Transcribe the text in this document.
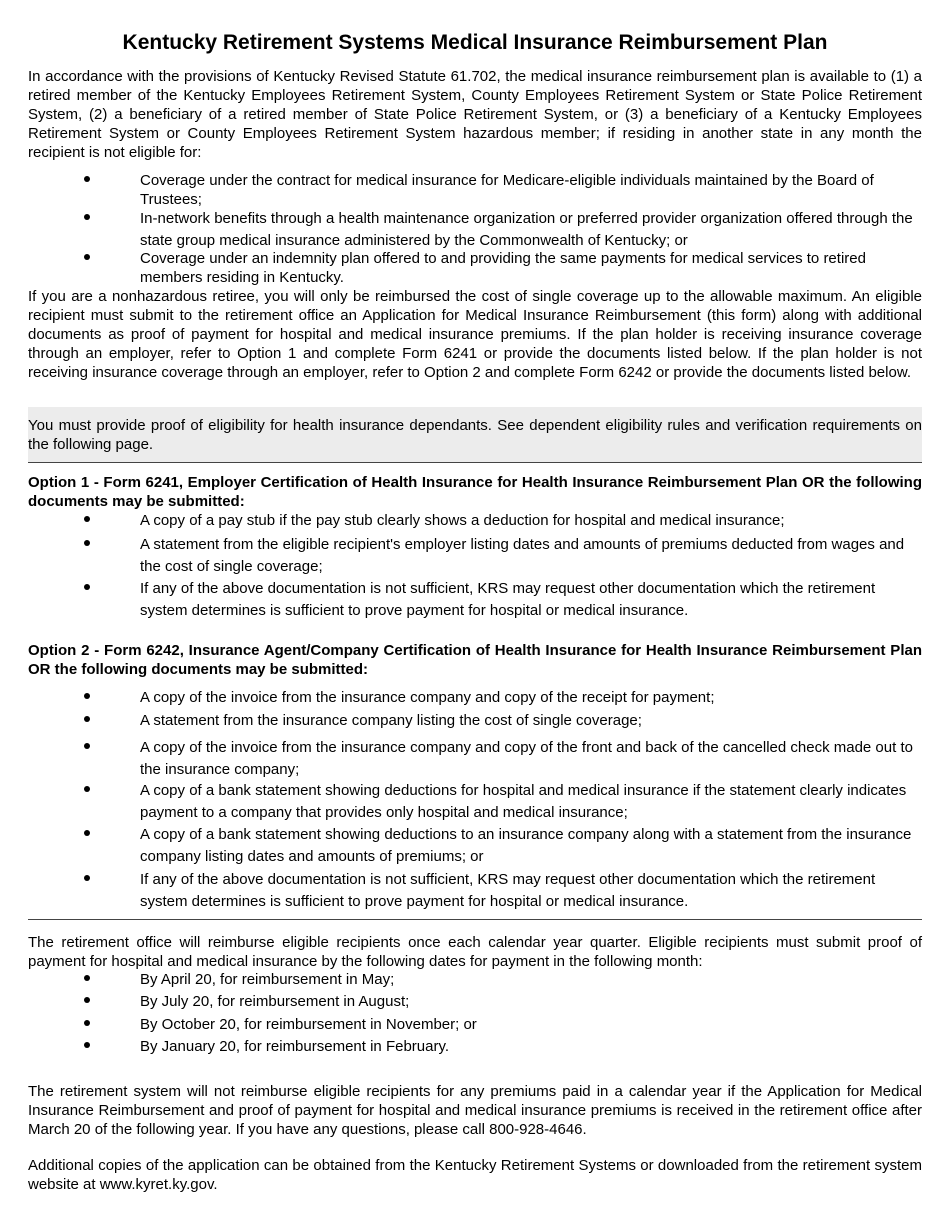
Kentucky Retirement Systems Medical Insurance Reimbursement Plan

In accordance with the provisions of Kentucky Revised Statute 61.702, the medical insurance reimbursement plan is available to (1) a retired member of the Kentucky Employees Retirement System, County Employees Retirement System or State Police Retirement System, (2) a beneficiary of a retired member of State Police Retirement System, or (3) a beneficiary of a Kentucky Employees Retirement System or County Employees Retirement System hazardous member; if residing in another state in any month the recipient is not eligible for:

Coverage under the contract for medical insurance for Medicare-eligible individuals maintained by the Board of Trustees;
In-network benefits through a health maintenance organization or preferred provider organization offered through the state group medical insurance administered by the Commonwealth of Kentucky; or
Coverage under an indemnity plan offered to and providing the same payments for medical services to retired members residing in Kentucky.

If you are a nonhazardous retiree, you will only be reimbursed the cost of single coverage up to the allowable maximum. An eligible recipient must submit to the retirement office an Application for Medical Insurance Reimbursement (this form) along with additional documents as proof of payment for hospital and medical insurance premiums. If the plan holder is receiving insurance coverage through an employer, refer to Option 1 and complete Form 6241 or provide the documents listed below. If the plan holder is not receiving insurance coverage through an employer, refer to Option 2 and complete Form 6242 or provide the documents listed below.

You must provide proof of eligibility for health insurance dependants. See dependent eligibility rules and verification requirements on the following page.

Option 1 - Form 6241, Employer Certification of Health Insurance for Health Insurance Reimbursement Plan OR the following documents may be submitted:

A copy of a pay stub if the pay stub clearly shows a deduction for hospital and medical insurance;
A statement from the eligible recipient's employer listing dates and amounts of premiums deducted from wages and the cost of single coverage;
If any of the above documentation is not sufficient, KRS may request other documentation which the retirement system determines is sufficient to prove payment for hospital or medical insurance.

Option 2 - Form 6242, Insurance Agent/Company Certification of Health Insurance for Health Insurance Reimbursement Plan OR the following documents may be submitted:

A copy of the invoice from the insurance company and copy of the receipt for payment;
A statement from the insurance company listing the cost of single coverage;
A copy of the invoice from the insurance company and copy of the front and back of the cancelled check made out to the insurance company;
A copy of a bank statement showing deductions for hospital and medical insurance if the statement clearly indicates payment to a company that provides only hospital and medical insurance;
A copy of a bank statement showing deductions to an insurance company along with a statement from the insurance company listing dates and amounts of premiums; or
If any of the above documentation is not sufficient, KRS may request other documentation which the retirement system determines is sufficient to prove payment for hospital or medical insurance.

The retirement office will reimburse eligible recipients once each calendar year quarter. Eligible recipients must submit proof of payment for hospital and medical insurance by the following dates for payment in the following month:

By April 20, for reimbursement in May;
By July 20, for reimbursement in August;
By October 20, for reimbursement in November; or
By January 20, for reimbursement in February.

The retirement system will not reimburse eligible recipients for any premiums paid in a calendar year if the Application for Medical Insurance Reimbursement and proof of payment for hospital and medical insurance premiums is received in the retirement office after March 20 of the following year. If you have any questions, please call 800-928-4646.

Additional copies of the application can be obtained from the Kentucky Retirement Systems or downloaded from the retirement system website at www.kyret.ky.gov.
